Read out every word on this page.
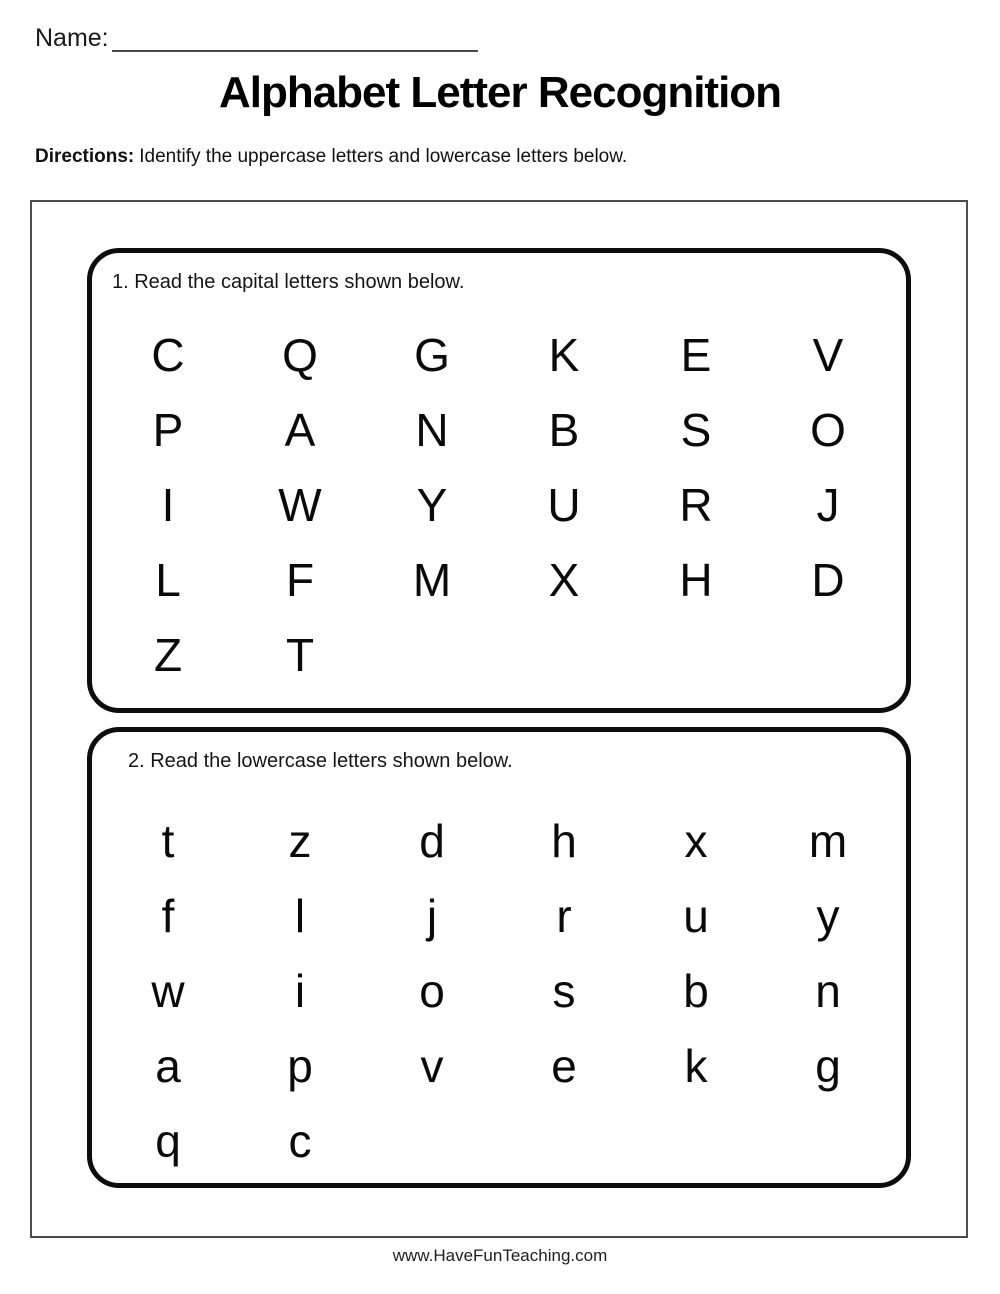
Name:
Alphabet Letter Recognition
Directions: Identify the uppercase letters and lowercase letters below.
1. Read the capital letters shown below.
C	Q	G	K	E	V
P	A	N	B	S	O
I	W	Y	U	R	J
L	F	M	X	H	D
Z	T
2. Read the lowercase letters shown below.
t	z	d	h	x	m
f	l	j	r	u	y
w	i	o	s	b	n
a	p	v	e	k	g
q	c
www.HaveFunTeaching.com
